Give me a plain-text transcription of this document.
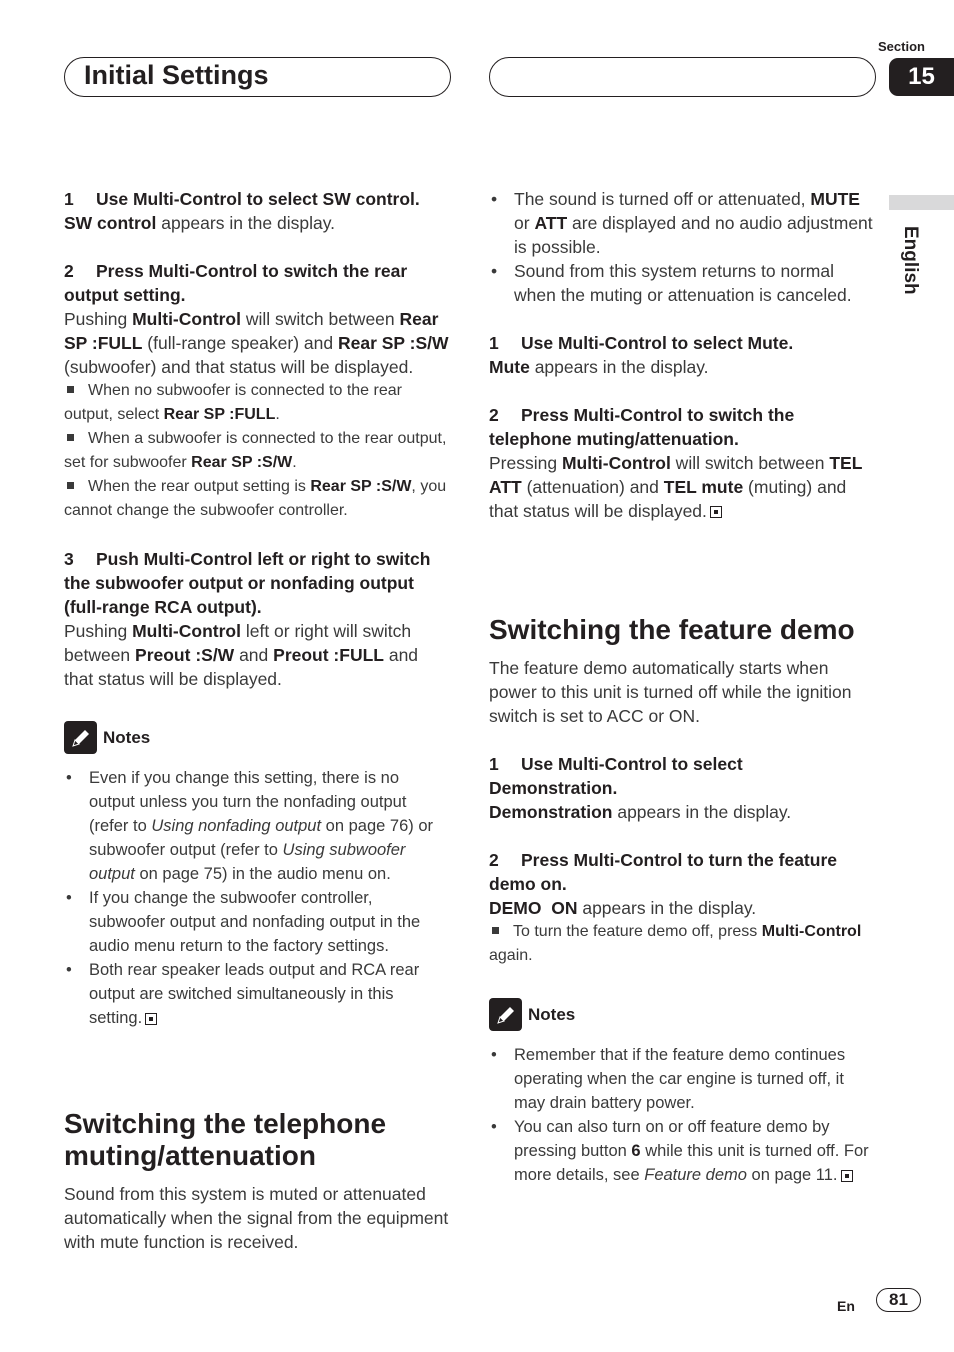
Initial Settings
Section
15
English
1 Use Multi-Control to select SW control.
SW control appears in the display.
2 Press Multi-Control to switch the rear output setting.
Pushing Multi-Control will switch between Rear SP :FULL (full-range speaker) and Rear SP :S/W (subwoofer) and that status will be displayed.
When no subwoofer is connected to the rear output, select Rear SP :FULL.
When a subwoofer is connected to the rear output, set for subwoofer Rear SP :S/W.
When the rear output setting is Rear SP :S/W, you cannot change the subwoofer controller.
3 Push Multi-Control left or right to switch the subwoofer output or nonfading output (full-range RCA output).
Pushing Multi-Control left or right will switch between Preout :S/W and Preout :FULL and that status will be displayed.
Notes
• Even if you change this setting, there is no output unless you turn the nonfading output (refer to Using nonfading output on page 76) or subwoofer output (refer to Using subwoofer output on page 75) in the audio menu on.
• If you change the subwoofer controller, subwoofer output and nonfading output in the audio menu return to the factory settings.
• Both rear speaker leads output and RCA rear output are switched simultaneously in this setting.
Switching the telephone muting/attenuation
Sound from this system is muted or attenuated automatically when the signal from the equipment with mute function is received.
• The sound is turned off or attenuated, MUTE or ATT are displayed and no audio adjustment is possible.
• Sound from this system returns to normal when the muting or attenuation is canceled.
1 Use Multi-Control to select Mute.
Mute appears in the display.
2 Press Multi-Control to switch the telephone muting/attenuation.
Pressing Multi-Control will switch between TEL ATT (attenuation) and TEL mute (muting) and that status will be displayed.
Switching the feature demo
The feature demo automatically starts when power to this unit is turned off while the ignition switch is set to ACC or ON.
1 Use Multi-Control to select Demonstration.
Demonstration appears in the display.
2 Press Multi-Control to turn the feature demo on.
DEMO  ON appears in the display.
To turn the feature demo off, press Multi-Control again.
Notes
• Remember that if the feature demo continues operating when the car engine is turned off, it may drain battery power.
• You can also turn on or off feature demo by pressing button 6 while this unit is turned off. For more details, see Feature demo on page 11.
En	81
